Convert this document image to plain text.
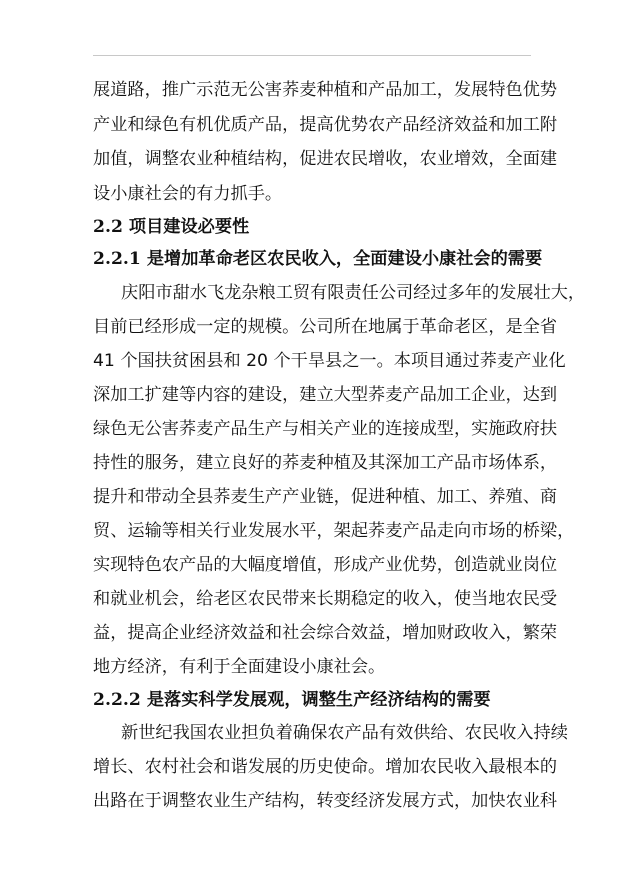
展道路，推广示范无公害荞麦种植和产品加工，发展特色优势
产业和绿色有机优质产品，提高优势农产品经济效益和加工附
加值，调整农业种植结构，促进农民增收，农业增效，全面建
设小康社会的有力抓手。
2.2 项目建设必要性
2.2.1 是增加革命老区农民收入，全面建设小康社会的需要
庆阳市甜水飞龙杂粮工贸有限责任公司经过多年的发展壮大，
目前已经形成一定的规模。公司所在地属于革命老区，是全省
41 个国扶贫困县和 20 个干旱县之一。本项目通过荞麦产业化
深加工扩建等内容的建设，建立大型荞麦产品加工企业，达到
绿色无公害荞麦产品生产与相关产业的连接成型，实施政府扶
持性的服务，建立良好的荞麦种植及其深加工产品市场体系，
提升和带动全县荞麦生产产业链，促进种植、加工、养殖、商
贸、运输等相关行业发展水平，架起荞麦产品走向市场的桥梁，
实现特色农产品的大幅度增值，形成产业优势，创造就业岗位
和就业机会，给老区农民带来长期稳定的收入，使当地农民受
益，提高企业经济效益和社会综合效益，增加财政收入，繁荣
地方经济，有利于全面建设小康社会。
2.2.2 是落实科学发展观，调整生产经济结构的需要
新世纪我国农业担负着确保农产品有效供给、农民收入持续
增长、农村社会和谐发展的历史使命。增加农民收入最根本的
出路在于调整农业生产结构，转变经济发展方式，加快农业科
